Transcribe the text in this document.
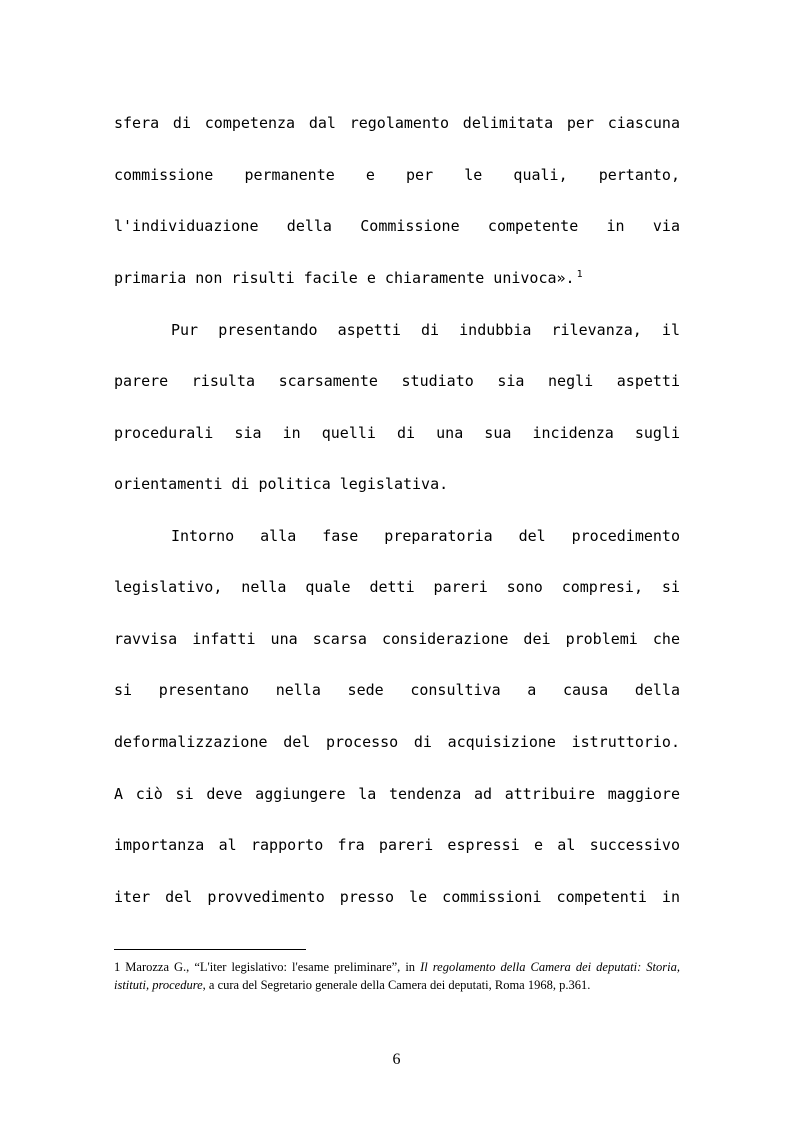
sfera di competenza dal regolamento delimitata per ciascuna

commissione permanente e per le quali, pertanto,

l'individuazione della Commissione competente in via

primaria non risulti facile e chiaramente univoca». $^1$

Pur presentando aspetti di indubbia rilevanza, il

parere risulta scarsamente studiato sia negli aspetti

procedurali sia in quelli di una sua incidenza sugli

orientamenti di politica legislativa.

Intorno alla fase preparatoria del procedimento

legislativo, nella quale detti pareri sono compresi, si

ravvisa infatti una scarsa considerazione dei problemi che

si presentano nella sede consultiva a causa della

deformalizzazione del processo di acquisizione istruttorio.

A ciò si deve aggiungere la tendenza ad attribuire maggiore

importanza al rapporto fra pareri espressi e al successivo

iter del provvedimento presso le commissioni competenti in

1 Marozza G., “L'iter legislativo: l'esame preliminare”, in Il regolamento della Camera dei deputati: Storia, istituti, procedure, a cura del Segretario generale della Camera dei deputati, Roma 1968, p.361.
6
